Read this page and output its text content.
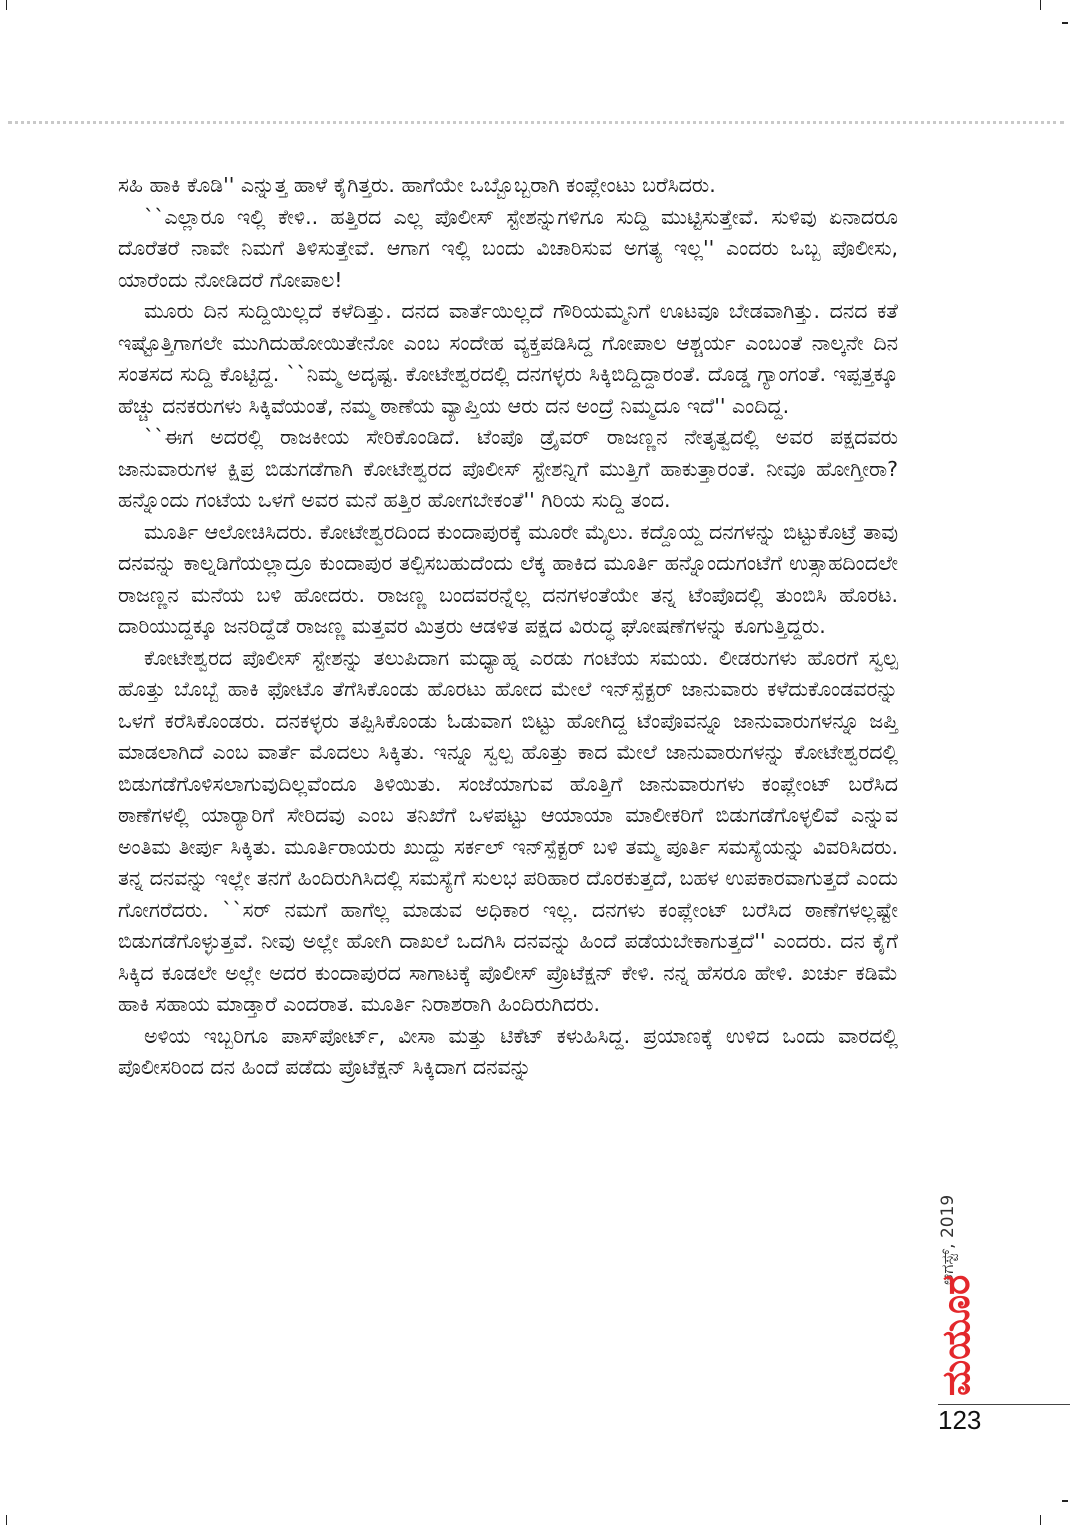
ಸಹಿ ಹಾಕಿ ಕೊಡಿ'' ಎನ್ನುತ್ತ ಹಾಳೆ ಕೈಗಿತ್ತರು. ಹಾಗೆಯೇ ಒಬ್ಬೊಬ್ಬರಾಗಿ ಕಂಪ್ಲೇಂಟು ಬರೆಸಿದರು.

``ಎಲ್ಲಾರೂ ಇಲ್ಲಿ ಕೇಳಿ.. ಹತ್ತಿರದ ಎಲ್ಲ ಪೊಲೀಸ್ ಸ್ಟೇಶನ್ನುಗಳಿಗೂ ಸುದ್ದಿ ಮುಟ್ಟಿಸುತ್ತೇವೆ. ಸುಳಿವು ಏನಾದರೂ ದೊರೆತರೆ ನಾವೇ ನಿಮಗೆ ತಿಳಿಸುತ್ತೇವೆ. ಆಗಾಗ ಇಲ್ಲಿ ಬಂದು ವಿಚಾರಿಸುವ ಅಗತ್ಯ ಇಲ್ಲ'' ಎಂದರು ಒಬ್ಬ ಪೊಲೀಸು, ಯಾರೆಂದು ನೋಡಿದರೆ ಗೋಪಾಲ!

ಮೂರು ದಿನ ಸುದ್ದಿಯಿಲ್ಲದೆ ಕಳೆದಿತ್ತು. ದನದ ವಾರ್ತೆಯಿಲ್ಲದೆ ಗೌರಿಯಮ್ಮನಿಗೆ ಊಟವೂ ಬೇಡವಾಗಿತ್ತು. ದನದ ಕತೆ ಇಷ್ಟೊತ್ತಿಗಾಗಲೇ ಮುಗಿದುಹೋಯಿತೇನೋ ಎಂಬ ಸಂದೇಹ ವ್ಯಕ್ತಪಡಿಸಿದ್ದ ಗೋಪಾಲ ಆಶ್ಚರ್ಯ ಎಂಬಂತೆ ನಾಲ್ಕನೇ ದಿನ ಸಂತಸದ ಸುದ್ದಿ ಕೊಟ್ಟಿದ್ದ. ``ನಿಮ್ಮ ಅದೃಷ್ಟ. ಕೋಟೇಶ್ವರದಲ್ಲಿ ದನಗಳ್ಳರು ಸಿಕ್ಕಿಬಿದ್ದಿದ್ದಾರಂತೆ. ದೊಡ್ಡ ಗ್ಯಾಂಗಂತೆ. ಇಪ್ಪತ್ತಕ್ಕೂ ಹೆಚ್ಚು ದನಕರುಗಳು ಸಿಕ್ಕಿವೆಯಂತೆ, ನಮ್ಮ ಠಾಣೆಯ ವ್ಯಾಪ್ತಿಯ ಆರು ದನ ಅಂದ್ರೆ ನಿಮ್ಮದೂ ಇದೆ'' ಎಂದಿದ್ದ.

``ಈಗ ಅದರಲ್ಲಿ ರಾಜಕೀಯ ಸೇರಿಕೊಂಡಿದೆ. ಟೆಂಪೊ ಡ್ರೈವರ್ ರಾಜಣ್ಣನ ನೇತೃತ್ವದಲ್ಲಿ ಅವರ ಪಕ್ಷದವರು ಜಾನುವಾರುಗಳ ಕ್ಷಿಪ್ರ ಬಿಡುಗಡೆಗಾಗಿ ಕೋಟೇಶ್ವರದ ಪೊಲೀಸ್ ಸ್ಟೇಶನ್ನಿಗೆ ಮುತ್ತಿಗೆ ಹಾಕುತ್ತಾರಂತೆ. ನೀವೂ ಹೋಗ್ತೀರಾ? ಹನ್ನೊಂದು ಗಂಟೆಯ ಒಳಗೆ ಅವರ ಮನೆ ಹತ್ತಿರ ಹೋಗಬೇಕಂತೆ'' ಗಿರಿಯ ಸುದ್ದಿ ತಂದ.

ಮೂರ್ತಿ ಆಲೋಚಿಸಿದರು. ಕೋಟೇಶ್ವರದಿಂದ ಕುಂದಾಪುರಕ್ಕೆ ಮೂರೇ ಮೈಲು. ಕದ್ದೊಯ್ದ ದನಗಳನ್ನು ಬಿಟ್ಟುಕೊಟ್ರೆ ತಾವು ದನವನ್ನು ಕಾಲ್ನಡಿಗೆಯಲ್ಲಾದ್ರೂ ಕುಂದಾಪುರ ತಲ್ಪಿಸಬಹುದೆಂದು ಲೆಕ್ಕ ಹಾಕಿದ ಮೂರ್ತಿ ಹನ್ನೊಂದುಗಂಟೆಗೆ ಉತ್ಸಾಹದಿಂದಲೇ ರಾಜಣ್ಣನ ಮನೆಯ ಬಳಿ ಹೋದರು. ರಾಜಣ್ಣ ಬಂದವರನ್ನೆಲ್ಲ ದನಗಳಂತೆಯೇ ತನ್ನ ಟೆಂಪೊದಲ್ಲಿ ತುಂಬಿಸಿ ಹೊರಟ. ದಾರಿಯುದ್ದಕ್ಕೂ ಜನರಿದ್ದೆಡೆ ರಾಜಣ್ಣ ಮತ್ತವರ ಮಿತ್ರರು ಆಡಳಿತ ಪಕ್ಷದ ವಿರುದ್ಧ ಘೋಷಣೆಗಳನ್ನು ಕೂಗುತ್ತಿದ್ದರು.

ಕೋಟೇಶ್ವರದ ಪೊಲೀಸ್ ಸ್ಟೇಶನ್ನು ತಲುಪಿದಾಗ ಮಧ್ಯಾಹ್ನ ಎರಡು ಗಂಟೆಯ ಸಮಯ. ಲೀಡರುಗಳು ಹೊರಗೆ ಸ್ವಲ್ಪ ಹೊತ್ತು ಬೊಬ್ಬೆ ಹಾಕಿ ಫೋಟೊ ತೆಗೆಸಿಕೊಂಡು ಹೊರಟು ಹೋದ ಮೇಲೆ ಇನ್‌ಸ್ಪೆಕ್ಟರ್ ಜಾನುವಾರು ಕಳೆದುಕೊಂಡವರನ್ನು ಒಳಗೆ ಕರೆಸಿಕೊಂಡರು. ದನಕಳ್ಳರು ತಪ್ಪಿಸಿಕೊಂಡು ಓಡುವಾಗ ಬಿಟ್ಟು ಹೋಗಿದ್ದ ಟೆಂಪೊವನ್ನೂ ಜಾನುವಾರುಗಳನ್ನೂ ಜಪ್ತಿ ಮಾಡಲಾಗಿದೆ ಎಂಬ ವಾರ್ತೆ ಮೊದಲು ಸಿಕ್ಕಿತು. ಇನ್ನೂ ಸ್ವಲ್ಪ ಹೊತ್ತು ಕಾದ ಮೇಲೆ ಜಾನುವಾರುಗಳನ್ನು ಕೋಟೇಶ್ವರದಲ್ಲಿ ಬಿಡುಗಡೆಗೊಳಿಸಲಾಗುವುದಿಲ್ಲವೆಂದೂ ತಿಳಿಯಿತು. ಸಂಜೆಯಾಗುವ ಹೊತ್ತಿಗೆ ಜಾನುವಾರುಗಳು ಕಂಪ್ಲೇಂಟ್ ಬರೆಸಿದ ಠಾಣೆಗಳಲ್ಲಿ ಯಾರ್‍ಯಾರಿಗೆ ಸೇರಿದವು ಎಂಬ ತನಿಖೆಗೆ ಒಳಪಟ್ಟು ಆಯಾಯಾ ಮಾಲೀಕರಿಗೆ ಬಿಡುಗಡೆಗೊಳ್ಳಲಿವೆ ಎನ್ನುವ ಅಂತಿಮ ತೀರ್ಪು ಸಿಕ್ಕಿತು. ಮೂರ್ತಿರಾಯರು ಖುದ್ದು ಸರ್ಕಲ್ ಇನ್‌ಸ್ಪೆಕ್ಟರ್ ಬಳಿ ತಮ್ಮ ಪೂರ್ತಿ ಸಮಸ್ಯೆಯನ್ನು ವಿವರಿಸಿದರು. ತನ್ನ ದನವನ್ನು ಇಲ್ಲೇ ತನಗೆ ಹಿಂದಿರುಗಿಸಿದಲ್ಲಿ ಸಮಸ್ಯೆಗೆ ಸುಲಭ ಪರಿಹಾರ ದೊರಕುತ್ತದೆ, ಬಹಳ ಉಪಕಾರವಾಗುತ್ತದೆ ಎಂದು ಗೋಗರೆದರು. ``ಸರ್ ನಮಗೆ ಹಾಗೆಲ್ಲ ಮಾಡುವ ಅಧಿಕಾರ ಇಲ್ಲ. ದನಗಳು ಕಂಪ್ಲೇಂಟ್ ಬರೆಸಿದ ಠಾಣೆಗಳಲ್ಲಷ್ಟೇ ಬಿಡುಗಡೆಗೊಳ್ಳುತ್ತವೆ. ನೀವು ಅಲ್ಲೇ ಹೋಗಿ ದಾಖಲೆ ಒದಗಿಸಿ ದನವನ್ನು ಹಿಂದೆ ಪಡೆಯಬೇಕಾಗುತ್ತದೆ'' ಎಂದರು. ದನ ಕೈಗೆ ಸಿಕ್ಕಿದ ಕೂಡಲೇ ಅಲ್ಲೇ ಅದರ ಕುಂದಾಪುರದ ಸಾಗಾಟಕ್ಕೆ ಪೊಲೀಸ್ ಪ್ರೊಟೆಕ್ಷನ್ ಕೇಳಿ. ನನ್ನ ಹೆಸರೂ ಹೇಳಿ. ಖರ್ಚು ಕಡಿಮೆ ಹಾಕಿ ಸಹಾಯ ಮಾಡ್ತಾರೆ ಎಂದರಾತ. ಮೂರ್ತಿ ನಿರಾಶರಾಗಿ ಹಿಂದಿರುಗಿದರು.

ಅಳಿಯ ಇಬ್ಬರಿಗೂ ಪಾಸ್‌ಪೋರ್ಟ್, ವೀಸಾ ಮತ್ತು ಟಿಕೆಟ್ ಕಳುಹಿಸಿದ್ದ. ಪ್ರಯಾಣಕ್ಕೆ ಉಳಿದ ಒಂದು ವಾರದಲ್ಲಿ ಪೊಲೀಸರಿಂದ ದನ ಹಿಂದೆ ಪಡೆದು ಪ್ರೊಟೆಕ್ಷನ್ ಸಿಕ್ಕಿದಾಗ ದನವನ್ನು

ಆಗಸ್ಟ್, 2019
ಮಯೂರ
123
